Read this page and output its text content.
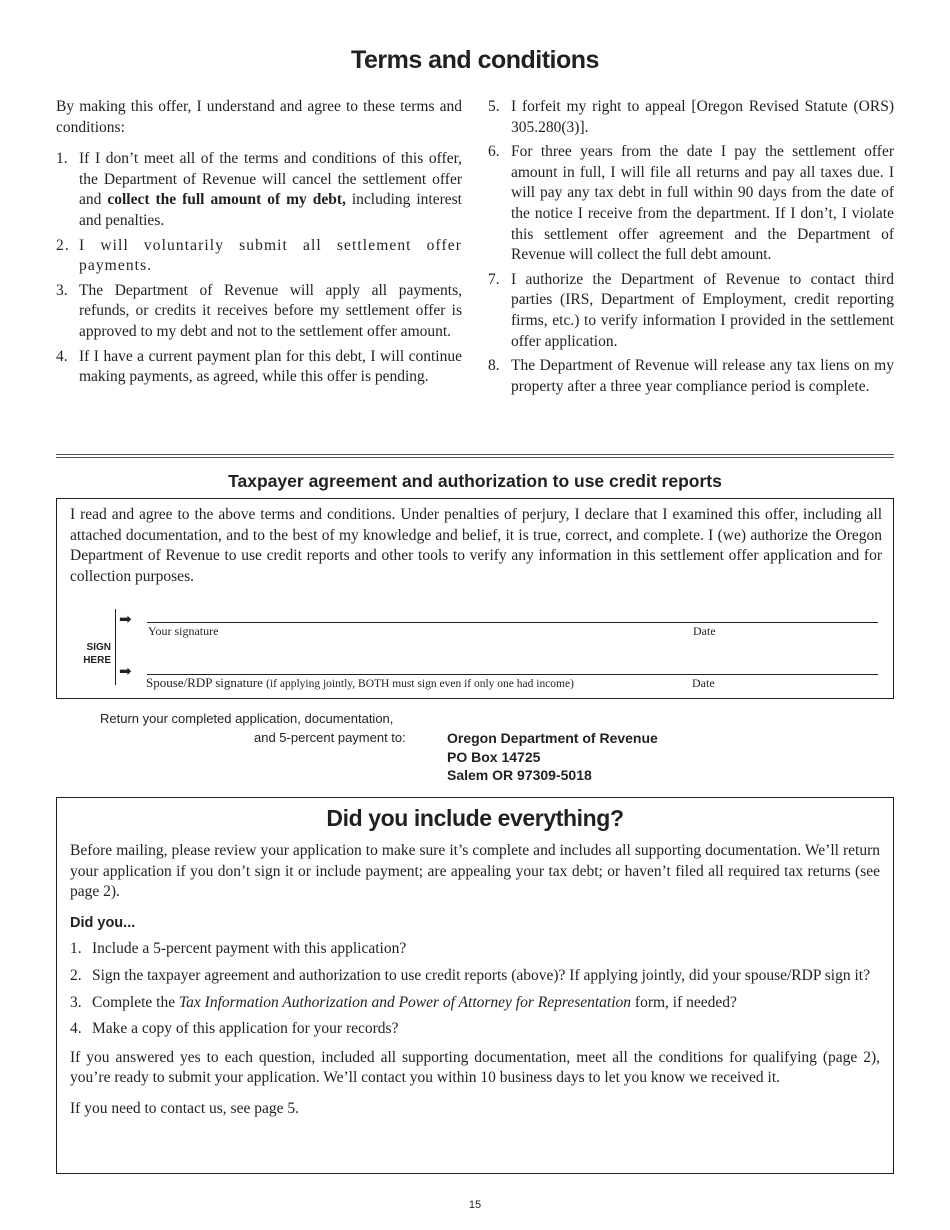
Terms and conditions

By making this offer, I understand and agree to these terms and conditions:

1. If I don’t meet all of the terms and conditions of this offer, the Department of Revenue will cancel the settlement offer and collect the full amount of my debt, including interest and penalties.
2. I will voluntarily submit all settlement offer payments.
3. The Department of Revenue will apply all payments, refunds, or credits it receives before my settlement offer is approved to my debt and not to the settlement offer amount.
4. If I have a current payment plan for this debt, I will continue making payments, as agreed, while this offer is pending.
5. I forfeit my right to appeal [Oregon Revised Statute (ORS) 305.280(3)].
6. For three years from the date I pay the settlement offer amount in full, I will file all returns and pay all taxes due. I will pay any tax debt in full within 90 days from the date of the notice I receive from the department. If I don’t, I violate this settlement offer agreement and the Department of Revenue will collect the full debt amount.
7. I authorize the Department of Revenue to contact third parties (IRS, Department of Employment, credit reporting firms, etc.) to verify information I provided in the settlement offer application.
8. The Department of Revenue will release any tax liens on my property after a three year compliance period is complete.
Taxpayer agreement and authorization to use credit reports
I read and agree to the above terms and conditions. Under penalties of perjury, I declare that I examined this offer, including all attached documentation, and to the best of my knowledge and belief, it is true, correct, and complete. I (we) authorize the Oregon Department of Revenue to use credit reports and other tools to verify any information in this settlement offer application and for collection purposes.
SIGN
HERE
➡
➡
Your signature	Date
Spouse/RDP signature (if applying jointly, BOTH must sign even if only one had income)	Date
Return your completed application, documentation,
and 5-percent payment to:	Oregon Department of Revenue
PO Box 14725
Salem OR 97309-5018
Did you include everything?

Before mailing, please review your application to make sure it’s complete and includes all supporting documentation. We’ll return your application if you don’t sign it or include payment; are appealing your tax debt; or haven’t filed all required tax returns (see page 2).

Did you...
1. Include a 5-percent payment with this application?
2. Sign the taxpayer agreement and authorization to use credit reports (above)? If applying jointly, did your spouse/RDP sign it?
3. Complete the Tax Information Authorization and Power of Attorney for Representation form, if needed?
4. Make a copy of this application for your records?

If you answered yes to each question, included all supporting documentation, meet all the conditions for qualifying (page 2), you’re ready to submit your application. We’ll contact you within 10 business days to let you know we received it.

If you need to contact us, see page 5.

15
